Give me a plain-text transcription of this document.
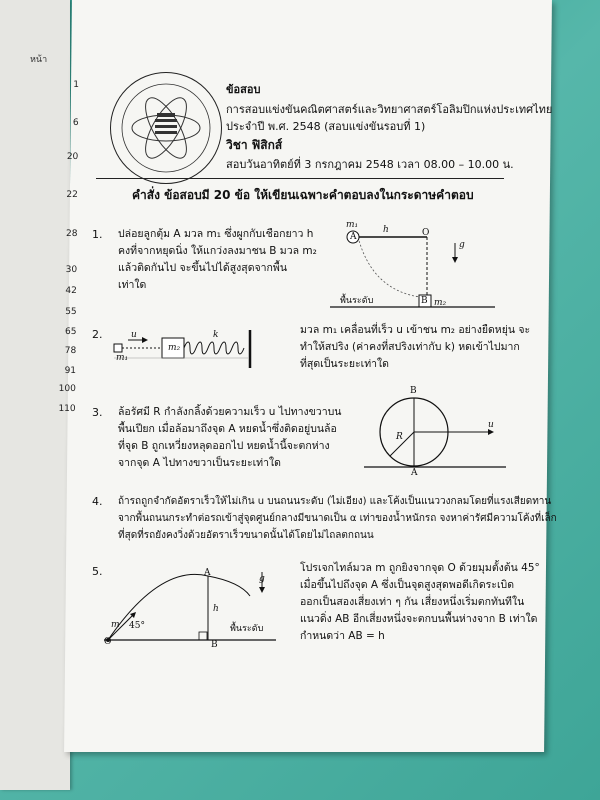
หน้า
1
6
20
22
28
30
42
55
65
78
91
100
110
ข้อสอบ
การสอบแข่งขันคณิตศาสตร์และวิทยาศาสตร์โอลิมปิกแห่งประเทศไทย
ประจำปี พ.ศ. 2548 (สอบแข่งขันรอบที่ 1)
วิชา ฟิสิกส์
สอบวันอาทิตย์ที่ 3 กรกฎาคม 2548 เวลา 08.00 – 10.00 น.
คำสั่ง ข้อสอบมี 20 ข้อ ให้เขียนเฉพาะคำตอบลงในกระดาษคำตอบ
1. ปล่อยลูกตุ้ม A มวล m₁ ซึ่งผูกกับเชือกยาว h
คงที่จากหยุดนิ่ง ให้แกว่งลงมาชน B มวล m₂
แล้วติดกันไป จะขึ้นไปได้สูงสุดจากพื้น
เท่าใด
m₁
A
h	O
g
พื้นระดับ	B m₂
2.	u
m₁
m₂
k	มวล m₁ เคลื่อนที่เร็ว u เข้าชน m₂ อย่างยืดหยุ่น จะ
ทำให้สปริง (ค่าคงที่สปริงเท่ากับ k) หดเข้าไปมาก
ที่สุดเป็นระยะเท่าใด
3. ล้อรัศมี R กำลังกลิ้งด้วยความเร็ว u ไปทางขวาบน
พื้นเปียก เมื่อล้อมาถึงจุด A หยดน้ำซึ่งติดอยู่บนล้อ
ที่จุด B ถูกเหวี่ยงหลุดออกไป หยดน้ำนี้จะตกห่าง
จากจุด A ไปทางขวาเป็นระยะเท่าใด
B
R
u
A
4. ถ้ารถถูกจำกัดอัตราเร็วให้ไม่เกิน u บนถนนระดับ (ไม่เอียง) และโค้งเป็นแนววงกลมโดยที่แรงเสียดทาน
จากพื้นถนนกระทำต่อรถเข้าสู่จุดศูนย์กลางมีขนาดเป็น α เท่าของน้ำหนักรถ จงหาค่ารัศมีความโค้งที่เล็ก
ที่สุดที่รถยังคงวิ่งด้วยอัตราเร็วขนาดนั้นได้โดยไม่ไถลตกถนน
5.	A
g
h
m 45°
O	B
พื้นระดับ
โปรเจกไทล์มวล m ถูกยิงจากจุด O ด้วยมุมตั้งต้น 45°
เมื่อขึ้นไปถึงจุด A ซึ่งเป็นจุดสูงสุดพอดีเกิดระเบิด
ออกเป็นสองเสี่ยงเท่า ๆ กัน เสี่ยงหนึ่งเริ่มตกทันทีใน
แนวดิ่ง AB อีกเสี่ยงหนึ่งจะตกบนพื้นห่างจาก B เท่าใด
กำหนดว่า AB = h
